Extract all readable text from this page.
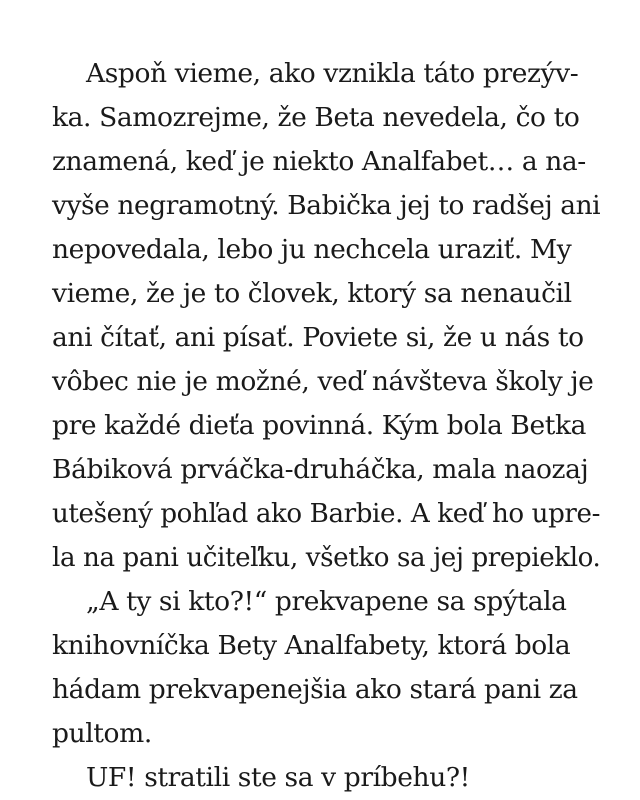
Aspoň vieme, ako vznikla táto prezýv-
ka. Samozrejme, že Beta nevedela, čo to
znamená, keď je niekto Analfabet… a na-
vyše negramotný. Babička jej to radšej ani
nepovedala, lebo ju nechcela uraziť. My
vieme, že je to človek, ktorý sa nenaučil
ani čítať, ani písať. Poviete si, že u nás to
vôbec nie je možné, veď návšteva školy je
pre každé dieťa povinná. Kým bola Betka
Bábiková prváčka-druháčka, mala naozaj
utešený pohľad ako Barbie. A keď ho upre-
la na pani učiteľku, všetko sa jej prepieklo.
„A ty si kto?!“ prekvapene sa spýtala
knihovníčka Bety Analfabety, ktorá bola
hádam prekvapenejšia ako stará pani za
pultom.
UF! stratili ste sa v príbehu?!
